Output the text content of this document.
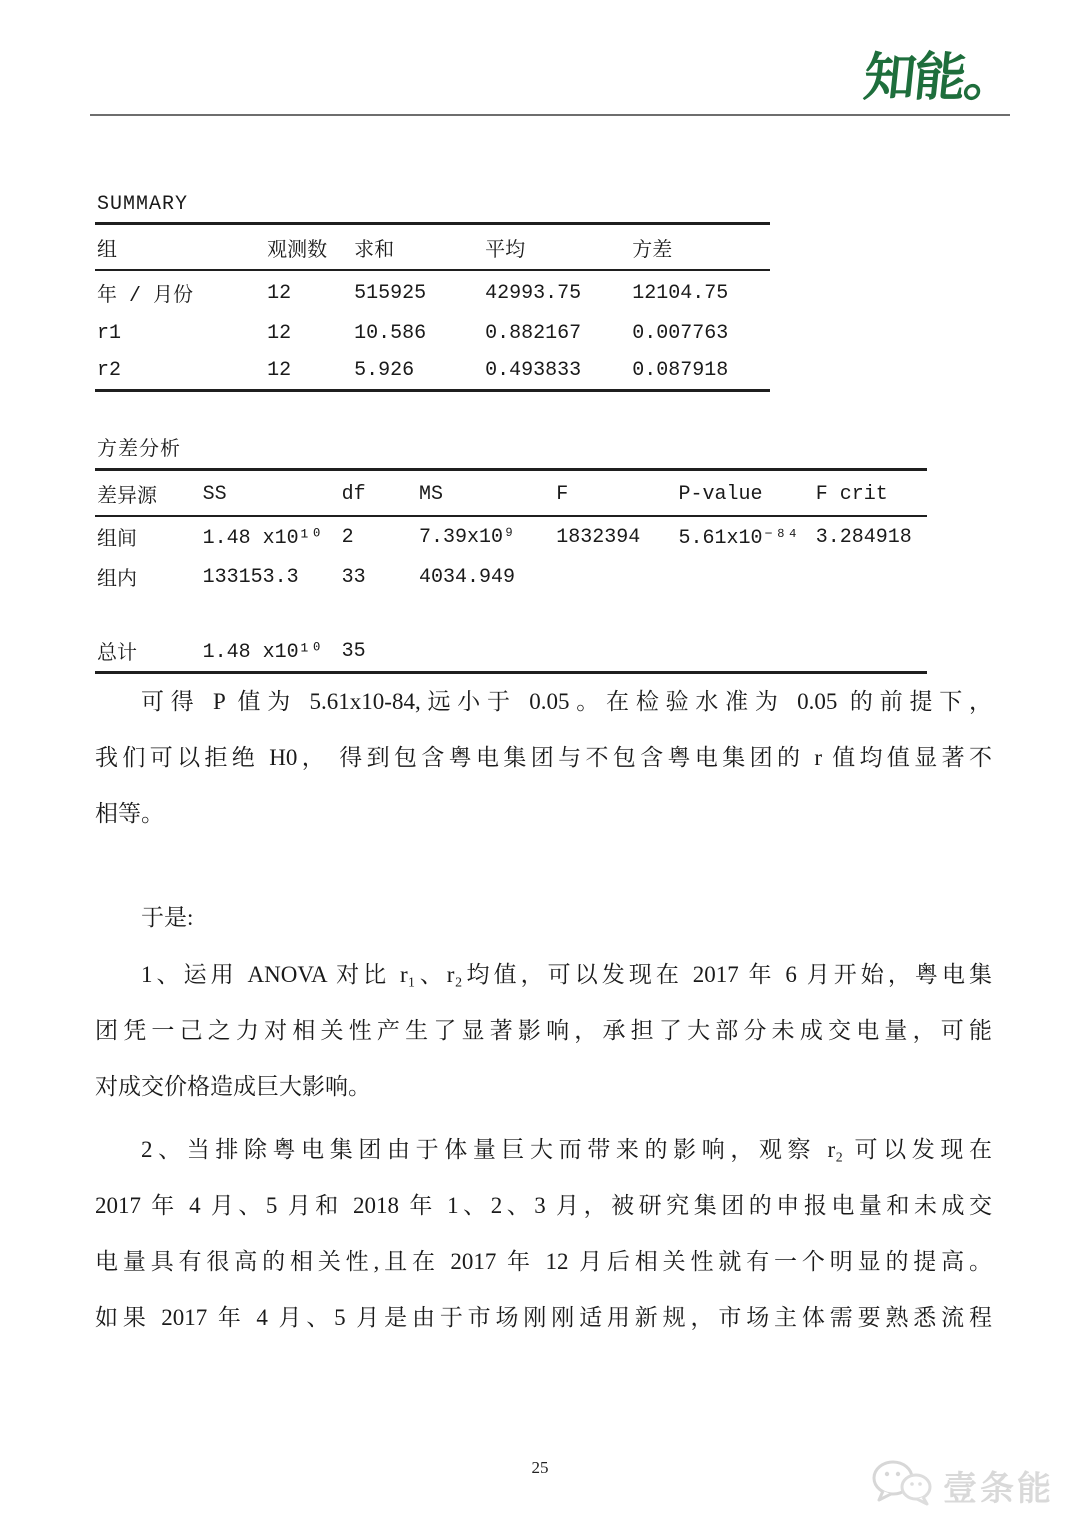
知能。
SUMMARY
组	观测数	求和	平均	方差
年 / 月份	12	515925	42993.75	12104.75
r1	12	10.586	0.882167	0.007763
r2	12	5.926	0.493833	0.087918
方差分析
差异源	SS	df	MS	F	P-value	F crit
组间	1.48 x10¹⁰	2	7.39x10⁹	1832394	5.61x10⁻⁸⁴	3.284918
组内	133153.3	33	4034.949			

总计	1.48 x10¹⁰	35				
可得 P 值为 5.61x10-84,远小于 0.05。在检验水准为 0.05 的前提下，
我们可以拒绝 H0， 得到包含粤电集团与不包含粤电集团的 r 值均值显著不
相等。
于是:
1、运用 ANOVA 对比 r₁、r₂均值，可以发现在 2017 年 6 月开始，粤电集
团凭一己之力对相关性产生了显著影响，承担了大部分未成交电量，可能
对成交价格造成巨大影响。
2、当排除粤电集团由于体量巨大而带来的影响，观察 r₂ 可以发现在
2017 年 4 月、5 月和 2018 年 1、2、3 月，被研究集团的申报电量和未成交
电量具有很高的相关性,且在 2017 年 12 月后相关性就有一个明显的提高。
如果 2017 年 4 月、5 月是由于市场刚刚适用新规，市场主体需要熟悉流程
25
壹条能
